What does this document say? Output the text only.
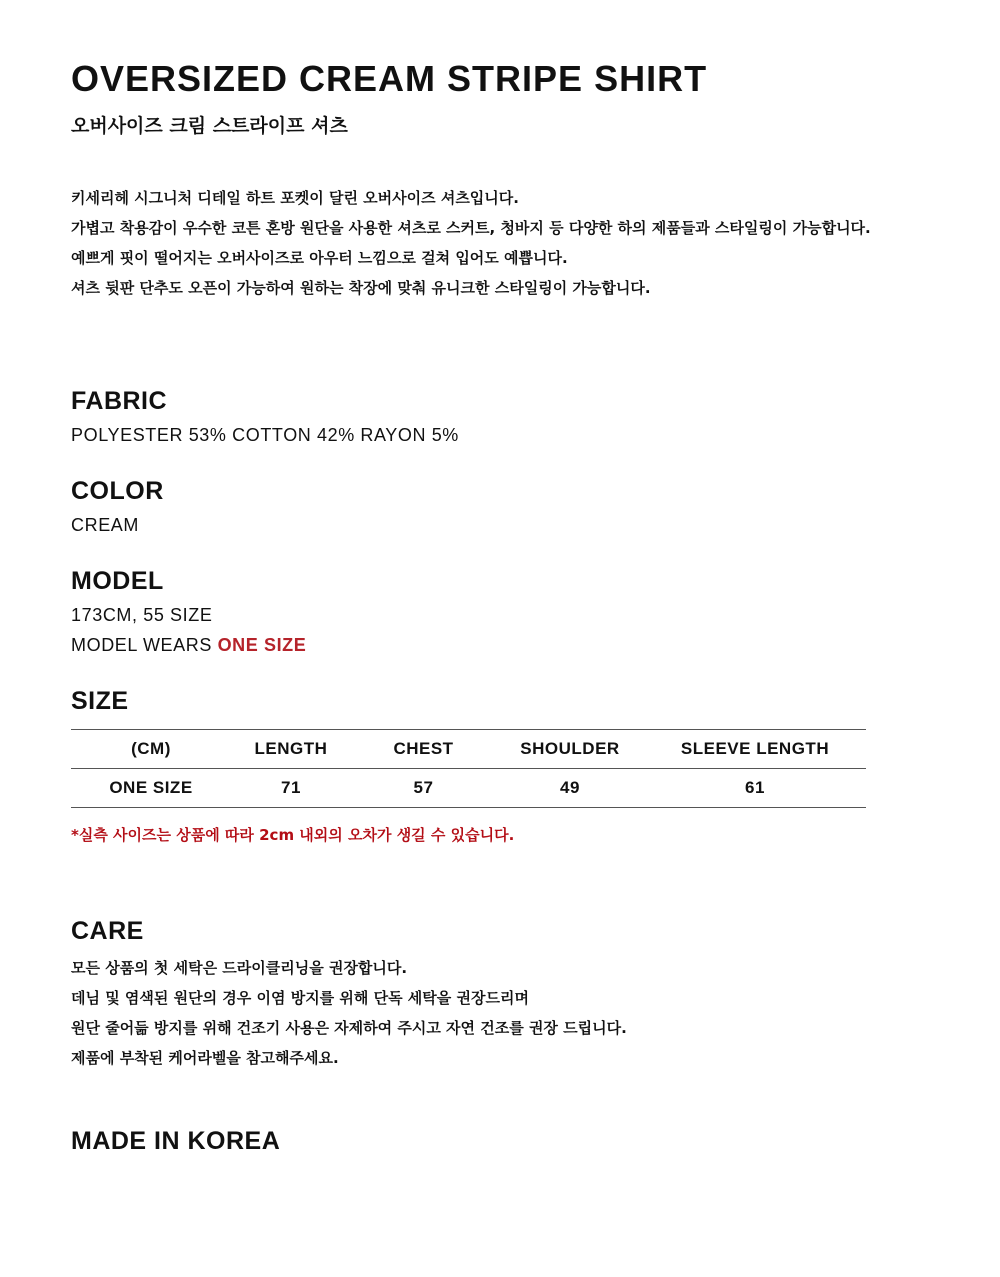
OVERSIZED CREAM STRIPE SHIRT
오버사이즈 크림 스트라이프 셔츠
키세리헤 시그니처 디테일 하트 포켓이 달린 오버사이즈 셔츠입니다.
가볍고 착용감이 우수한 코튼 혼방 원단을 사용한 셔츠로 스커트, 청바지 등 다양한 하의 제품들과 스타일링이 가능합니다.
예쁘게 핏이 떨어지는 오버사이즈로 아우터 느낌으로 걸쳐 입어도 예쁩니다.
셔츠 뒷판 단추도 오픈이 가능하여 원하는 착장에 맞춰 유니크한 스타일링이 가능합니다.
FABRIC
POLYESTER 53% COTTON 42% RAYON 5%
COLOR
CREAM
MODEL
173CM, 55 SIZE
MODEL WEARS ONE SIZE
SIZE
(CM)	LENGTH	CHEST	SHOULDER	SLEEVE LENGTH
ONE SIZE	71	57	49	61
*실측 사이즈는 상품에 따라 2cm 내외의 오차가 생길 수 있습니다.
CARE
모든 상품의 첫 세탁은 드라이클리닝을 권장합니다.
데님 및 염색된 원단의 경우 이염 방지를 위해 단독 세탁을 권장드리며
원단 줄어듦 방지를 위해 건조기 사용은 자제하여 주시고 자연 건조를 권장 드립니다.
제품에 부착된 케어라벨을 참고해주세요.
MADE IN KOREA
